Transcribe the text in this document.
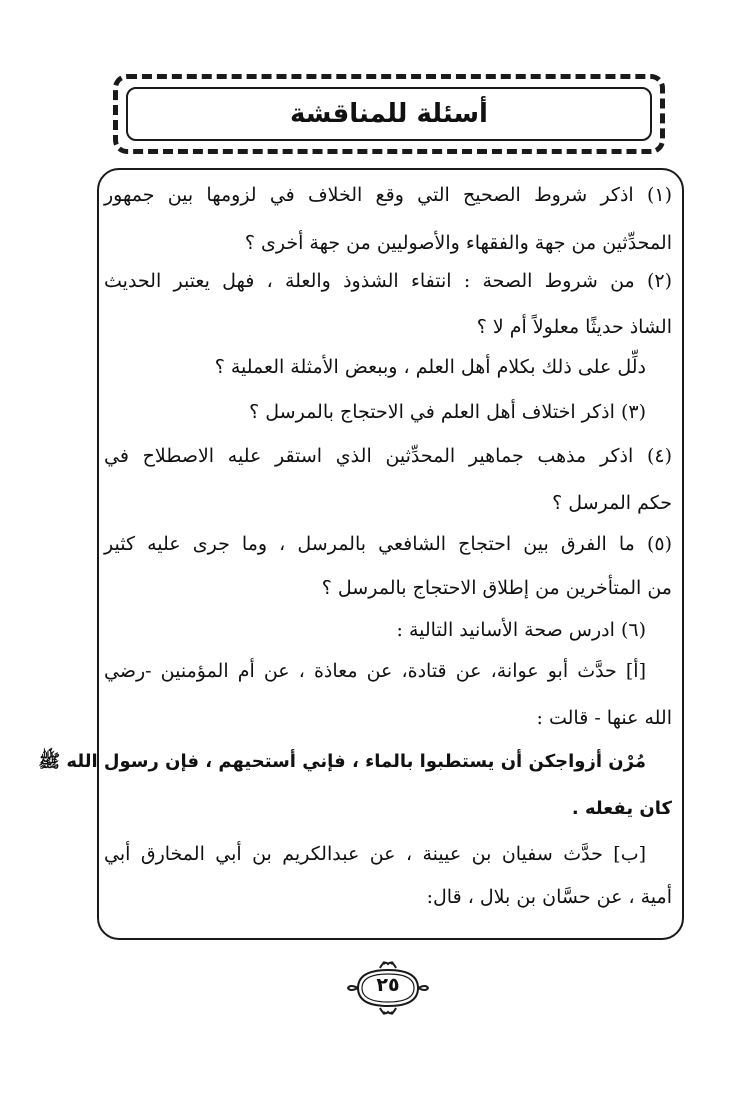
أسئلة للمناقشة
(١) اذكر شروط الصحيح التي وقع الخلاف في لزومها بين جمهور
المحدِّثين من جهة والفقهاء والأصوليين من جهة أخرى ؟
(٢) من شروط الصحة : انتفاء الشذوذ والعلة ، فهل يعتبر الحديث
الشاذ حديثًا معلولاً أم لا ؟
دلِّل على ذلك بكلام أهل العلم ، وببعض الأمثلة العملية ؟
(٣) اذكر اختلاف أهل العلم في الاحتجاج بالمرسل ؟
(٤) اذكر مذهب جماهير المحدِّثين الذي استقر عليه الاصطلاح في
حكم المرسل ؟
(٥) ما الفرق بين احتجاج الشافعي بالمرسل ، وما جرى عليه كثير
من المتأخرين من إطلاق الاحتجاج بالمرسل ؟
(٦) ادرس صحة الأسانيد التالية :
[أ] حدَّث أبو عوانة، عن قتادة، عن معاذة ، عن أم المؤمنين -رضي
الله عنها - قالت :
مُرْن أزواجكن أن يستطبوا بالماء ، فإني أستحيهم ، فإن رسول الله ﷺ
كان يفعله .
[ب] حدَّث سفيان بن عيينة ، عن عبدالكريم بن أبي المخارق أبي
أمية ، عن حسَّان بن بلال ، قال:
٢٥
